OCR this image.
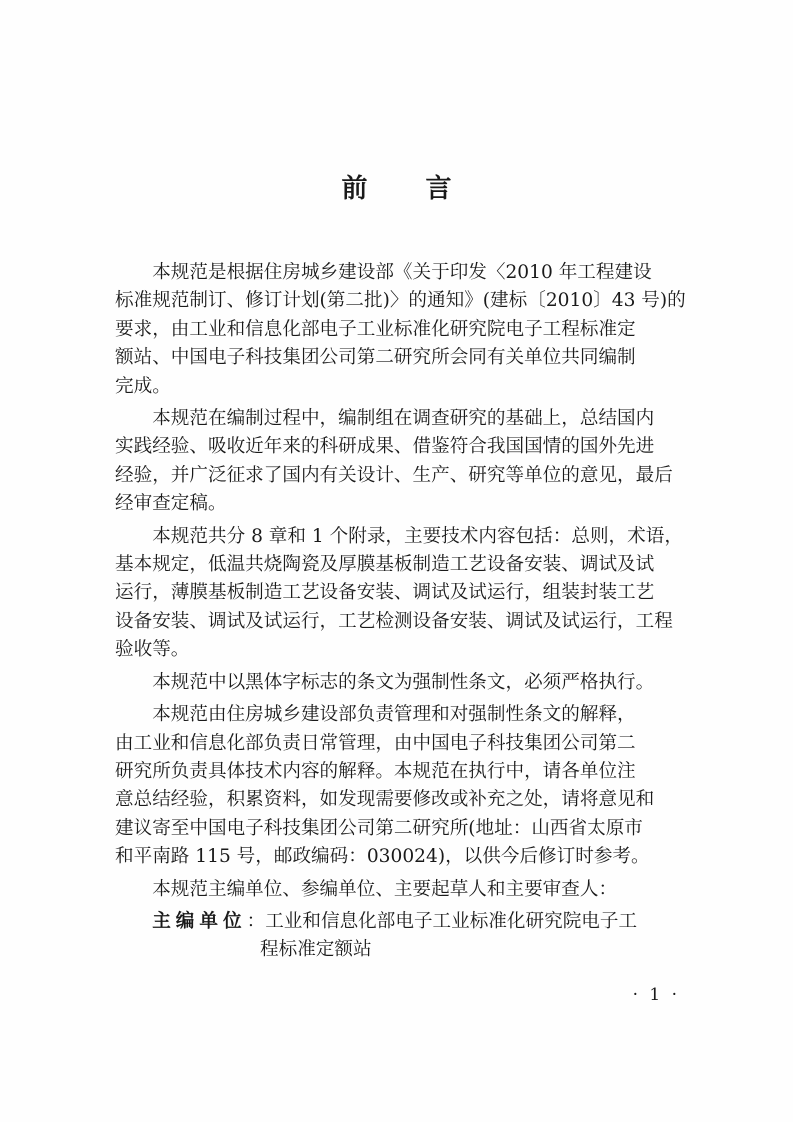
前 言
本规范是根据住房城乡建设部《关于印发〈2010 年工程建设
标准规范制订、修订计划(第二批)〉的通知》(建标〔2010〕43 号)的
要求，由工业和信息化部电子工业标准化研究院电子工程标准定
额站、中国电子科技集团公司第二研究所会同有关单位共同编制
完成。
本规范在编制过程中，编制组在调查研究的基础上，总结国内
实践经验、吸收近年来的科研成果、借鉴符合我国国情的国外先进
经验，并广泛征求了国内有关设计、生产、研究等单位的意见，最后
经审查定稿。
本规范共分 8 章和 1 个附录，主要技术内容包括：总则，术语，
基本规定，低温共烧陶瓷及厚膜基板制造工艺设备安装、调试及试
运行，薄膜基板制造工艺设备安装、调试及试运行，组装封装工艺
设备安装、调试及试运行，工艺检测设备安装、调试及试运行，工程
验收等。
本规范中以黑体字标志的条文为强制性条文，必须严格执行。
本规范由住房城乡建设部负责管理和对强制性条文的解释，
由工业和信息化部负责日常管理，由中国电子科技集团公司第二
研究所负责具体技术内容的解释。本规范在执行中，请各单位注
意总结经验，积累资料，如发现需要修改或补充之处，请将意见和
建议寄至中国电子科技集团公司第二研究所(地址：山西省太原市
和平南路 115 号，邮政编码：030024)，以供今后修订时参考。
本规范主编单位、参编单位、主要起草人和主要审查人：
主编单位：工业和信息化部电子工业标准化研究院电子工
程标准定额站
· 1 ·
